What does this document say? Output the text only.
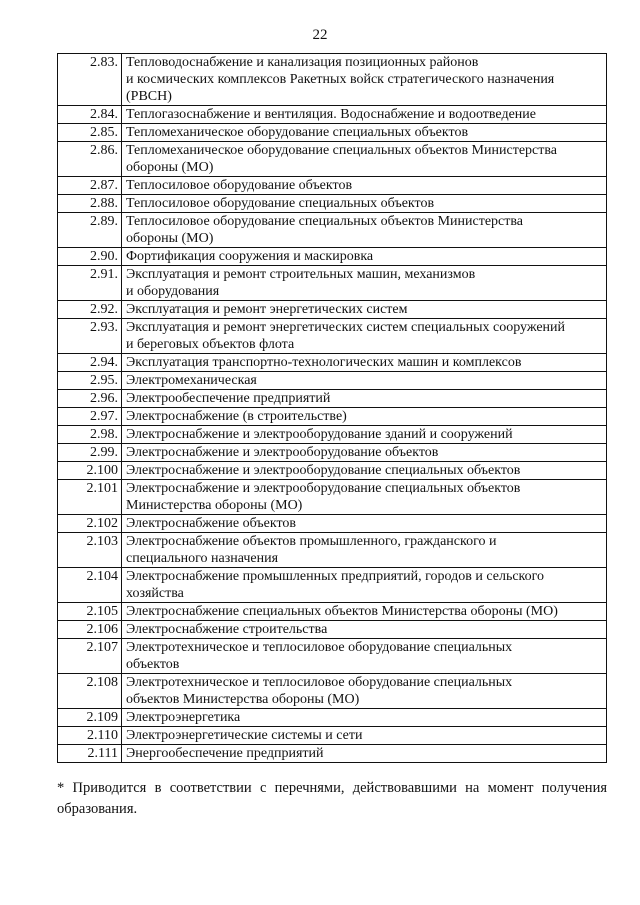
22
2.83.	Тепловодоснабжение и канализация позиционных районов
и космических комплексов Ракетных войск стратегического назначения
(РВСН)

2.84.	Теплогазоснабжение и вентиляция. Водоснабжение и водоотведение

2.85.	Тепломеханическое оборудование специальных объектов

2.86.	Тепломеханическое оборудование специальных объектов Министерства
обороны (МО)

2.87.	Теплосиловое оборудование объектов

2.88.	Теплосиловое оборудование специальных объектов

2.89.	Теплосиловое оборудование специальных объектов Министерства
обороны (МО)

2.90.	Фортификация сооружения и маскировка

2.91.	Эксплуатация и ремонт строительных машин, механизмов
и оборудования

2.92.	Эксплуатация и ремонт энергетических систем

2.93.	Эксплуатация и ремонт энергетических систем специальных сооружений
и береговых объектов флота

2.94.	Эксплуатация транспортно-технологических машин и комплексов

2.95.	Электромеханическая

2.96.	Электрообеспечение предприятий

2.97.	Электроснабжение (в строительстве)

2.98.	Электроснабжение и электрооборудование зданий и сооружений

2.99.	Электроснабжение и электрооборудование объектов

2.100	Электроснабжение и электрооборудование специальных объектов

2.101	Электроснабжение и электрооборудование специальных объектов
Министерства обороны (МО)

2.102	Электроснабжение объектов

2.103	Электроснабжение объектов промышленного, гражданского и
специального назначения

2.104	Электроснабжение промышленных предприятий, городов и сельского
хозяйства

2.105	Электроснабжение специальных объектов Министерства обороны (МО)

2.106	Электроснабжение строительства

2.107	Электротехническое и теплосиловое оборудование специальных
объектов

2.108	Электротехническое и теплосиловое оборудование специальных
объектов Министерства обороны (МО)

2.109	Электроэнергетика

2.110	Электроэнергетические системы и сети

2.111	Энергообеспечение предприятий
* Приводится в соответствии с перечнями, действовавшими на момент получения образования.
